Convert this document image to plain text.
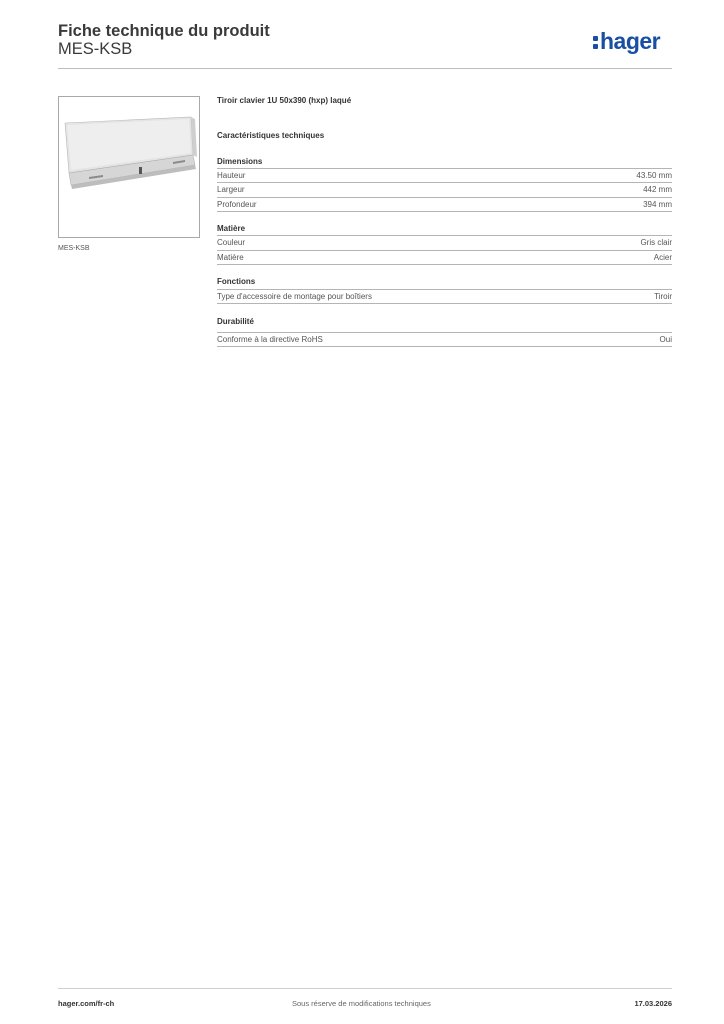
Fiche technique du produit
MES-KSB	hager
MES-KSB
Tiroir clavier 1U 50x390 (hxp) laqué
Caractéristiques techniques
Dimensions
Hauteur	43.50 mm
Largeur	442 mm
Profondeur	394 mm
Matière
Couleur	Gris clair
Matière	Acier
Fonctions
Type d'accessoire de montage pour boîtiers	Tiroir
Durabilité
Conforme à la directive RoHS	Oui
hager.com/fr-ch	Sous réserve de modifications techniques	17.03.2026
